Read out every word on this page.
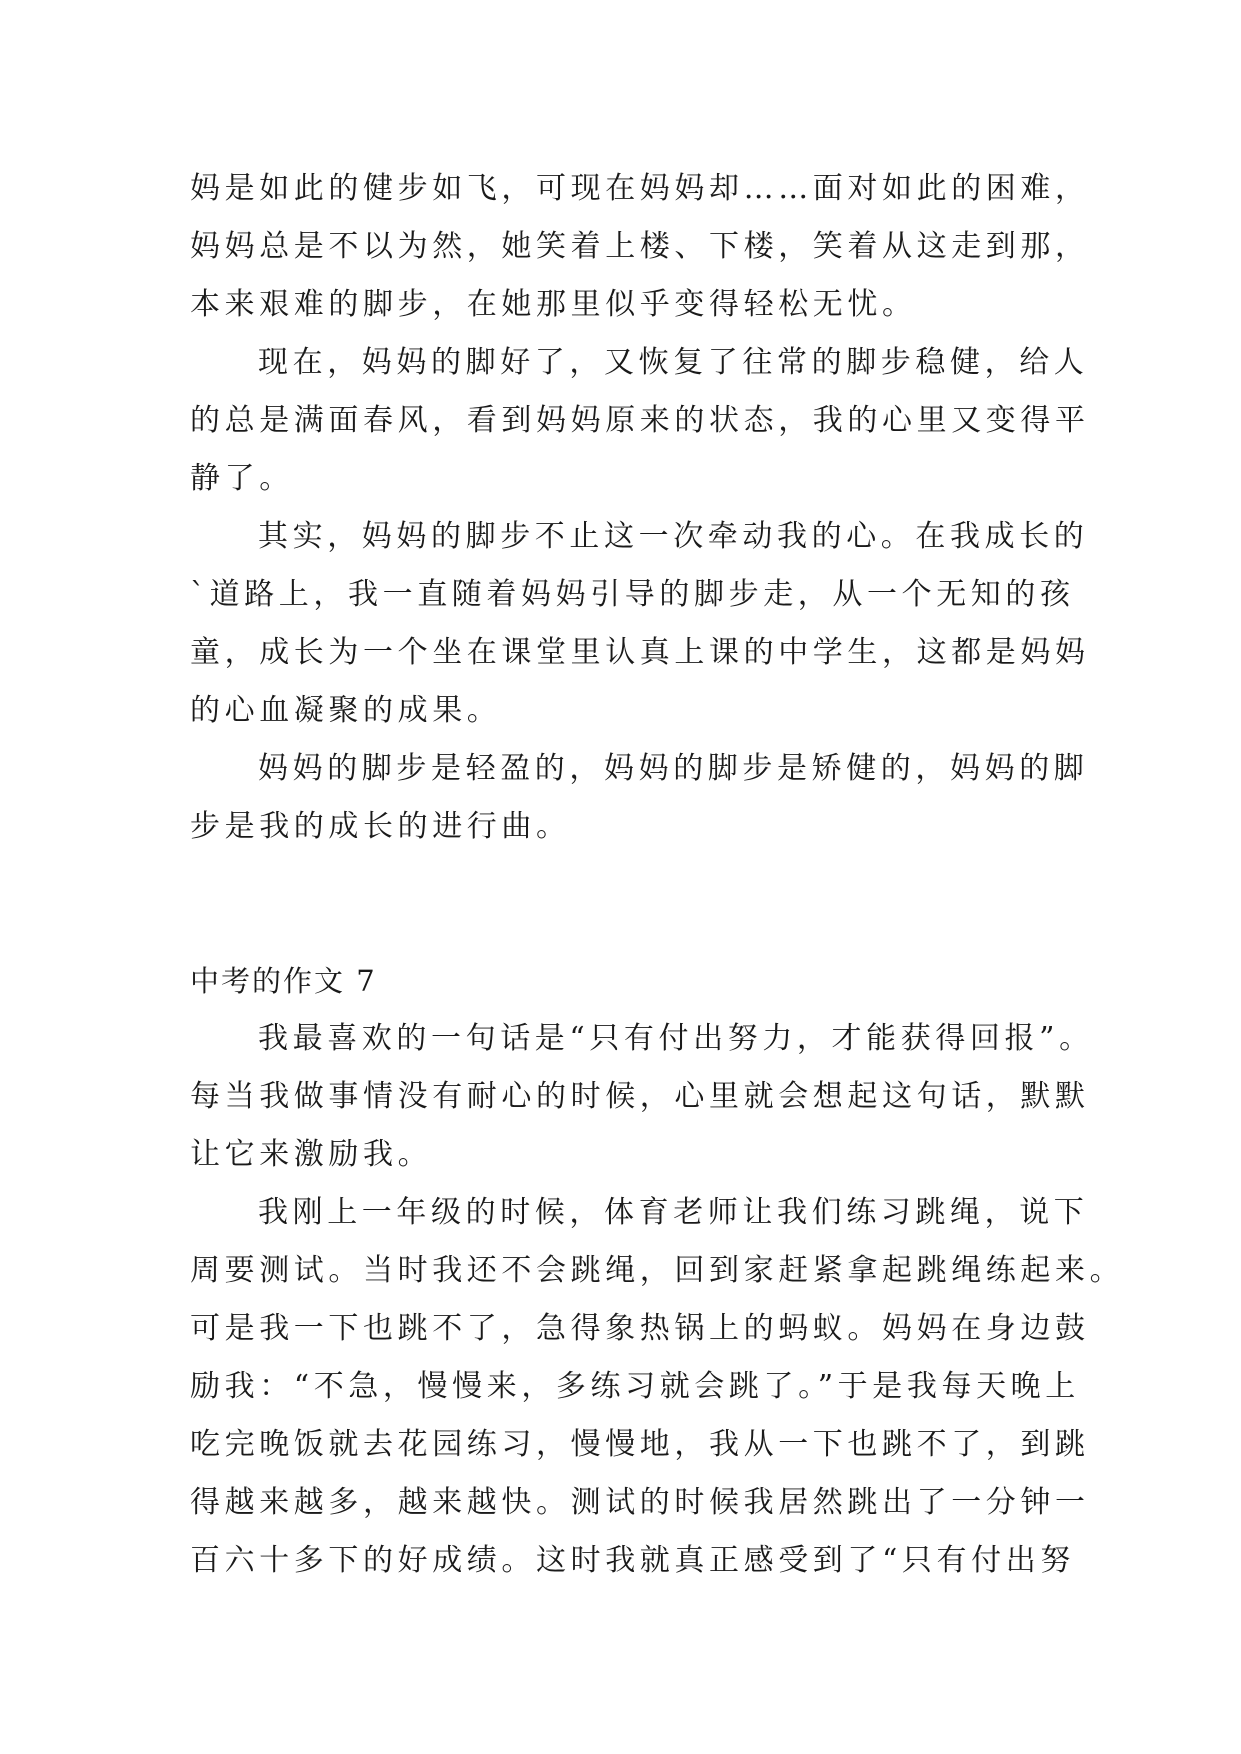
妈是如此的健步如飞，可现在妈妈却……面对如此的困难，
妈妈总是不以为然，她笑着上楼、下楼，笑着从这走到那，
本来艰难的脚步，在她那里似乎变得轻松无忧。
现在，妈妈的脚好了，又恢复了往常的脚步稳健，给人
的总是满面春风，看到妈妈原来的状态，我的心里又变得平
静了。
其实，妈妈的脚步不止这一次牵动我的心。在我成长的
`道路上，我一直随着妈妈引导的脚步走，从一个无知的孩
童，成长为一个坐在课堂里认真上课的中学生，这都是妈妈
的心血凝聚的成果。
妈妈的脚步是轻盈的，妈妈的脚步是矫健的，妈妈的脚
步是我的成长的进行曲。
中考的作文 7
我最喜欢的一句话是“只有付出努力，才能获得回报”。
每当我做事情没有耐心的时候，心里就会想起这句话，默默
让它来激励我。
我刚上一年级的时候，体育老师让我们练习跳绳，说下
周要测试。当时我还不会跳绳，回到家赶紧拿起跳绳练起来。
可是我一下也跳不了，急得象热锅上的蚂蚁。妈妈在身边鼓
励我：“不急，慢慢来，多练习就会跳了。”于是我每天晚上
吃完晚饭就去花园练习，慢慢地，我从一下也跳不了，到跳
得越来越多，越来越快。测试的时候我居然跳出了一分钟一
百六十多下的好成绩。这时我就真正感受到了“只有付出努
